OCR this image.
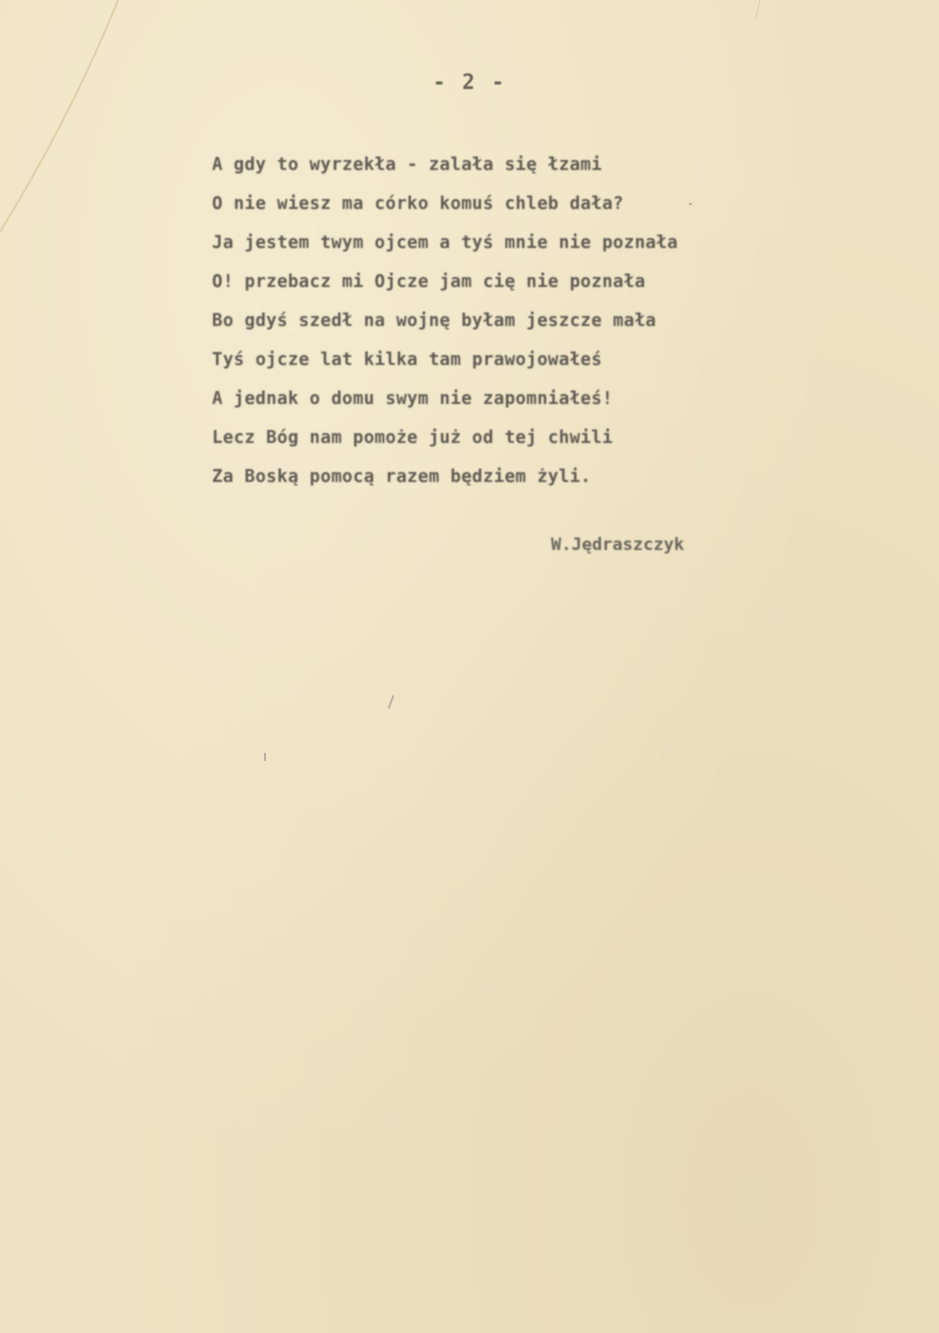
- 2 -
A gdy to wyrzekła - zalała się łzami
O nie wiesz ma córko komuś chleb dała?
Ja jestem twym ojcem a tyś mnie nie poznała
O! przebacz mi Ojcze jam cię nie poznała
Bo gdyś szedł na wojnę byłam jeszcze mała
Tyś ojcze lat kilka tam prawojowałeś
A jednak o domu swym nie zapomniałeś!
Lecz Bóg nam pomoże już od tej chwili
Za Boską pomocą razem będziem żyli.
W.Jędraszczyk
